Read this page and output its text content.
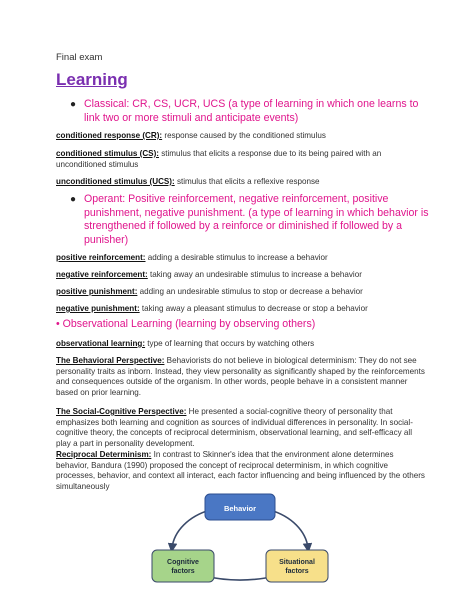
Final exam
Learning
● Classical: CR, CS, UCR, UCS (a type of learning in which one learns to link two or more stimuli and anticipate events)
conditioned response (CR): response caused by the conditioned stimulus
conditioned stimulus (CS): stimulus that elicits a response due to its being paired with an unconditioned stimulus
unconditioned stimulus (UCS): stimulus that elicits a reflexive response
● Operant: Positive reinforcement, negative reinforcement, positive punishment, negative punishment. (a type of learning in which behavior is strengthened if followed by a reinforce or diminished if followed by a punisher)
positive reinforcement: adding a desirable stimulus to increase a behavior
negative reinforcement: taking away an undesirable stimulus to increase a behavior
positive punishment: adding an undesirable stimulus to stop or decrease a behavior
negative punishment: taking away a pleasant stimulus to decrease or stop a behavior
• Observational Learning (learning by observing others)
observational learning: type of learning that occurs by watching others
The Behavioral Perspective: Behaviorists do not believe in biological determinism: They do not see personality traits as inborn. Instead, they view personality as significantly shaped by the reinforcements and consequences outside of the organism. In other words, people behave in a consistent manner based on prior learning.
The Social-Cognitive Perspective: He presented a social-cognitive theory of personality that emphasizes both learning and cognition as sources of individual differences in personality. In social-cognitive theory, the concepts of reciprocal determinism, observational learning, and self-efficacy all play a part in personality development.
Reciprocal Determinism: In contrast to Skinner's idea that the environment alone determines behavior, Bandura (1990) proposed the concept of reciprocal determinism, in which cognitive processes, behavior, and context all interact, each factor influencing and being influenced by the others simultaneously
Behavior
Cognitive
factors
Situational
factors
